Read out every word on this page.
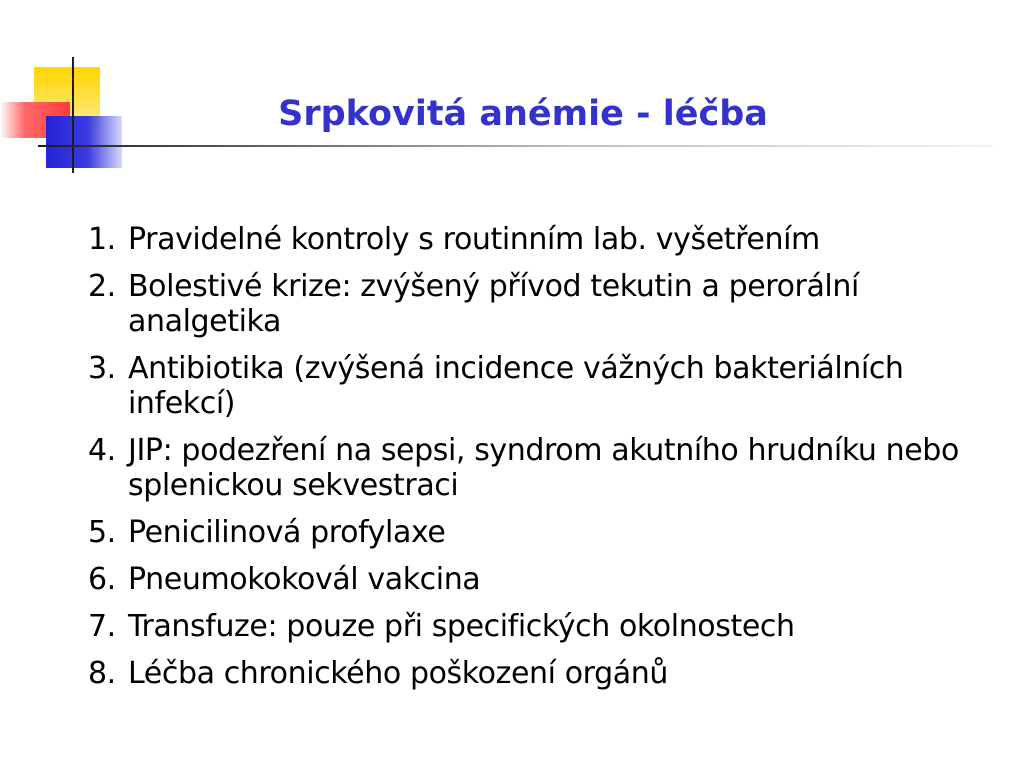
Srpkovitá anémie - léčba
1. Pravidelné kontroly s routinním lab. vyšetřením
2. Bolestivé krize: zvýšený přívod tekutin a perorální analgetika
3. Antibiotika (zvýšená incidence vážných bakteriálních infekcí)
4. JIP: podezření na sepsi, syndrom akutního hrudníku nebo splenickou sekvestraci
5. Penicilinová profylaxe
6. Pneumokokovál vakcina
7. Transfuze: pouze při specifických okolnostech
8. Léčba chronického poškození orgánů
